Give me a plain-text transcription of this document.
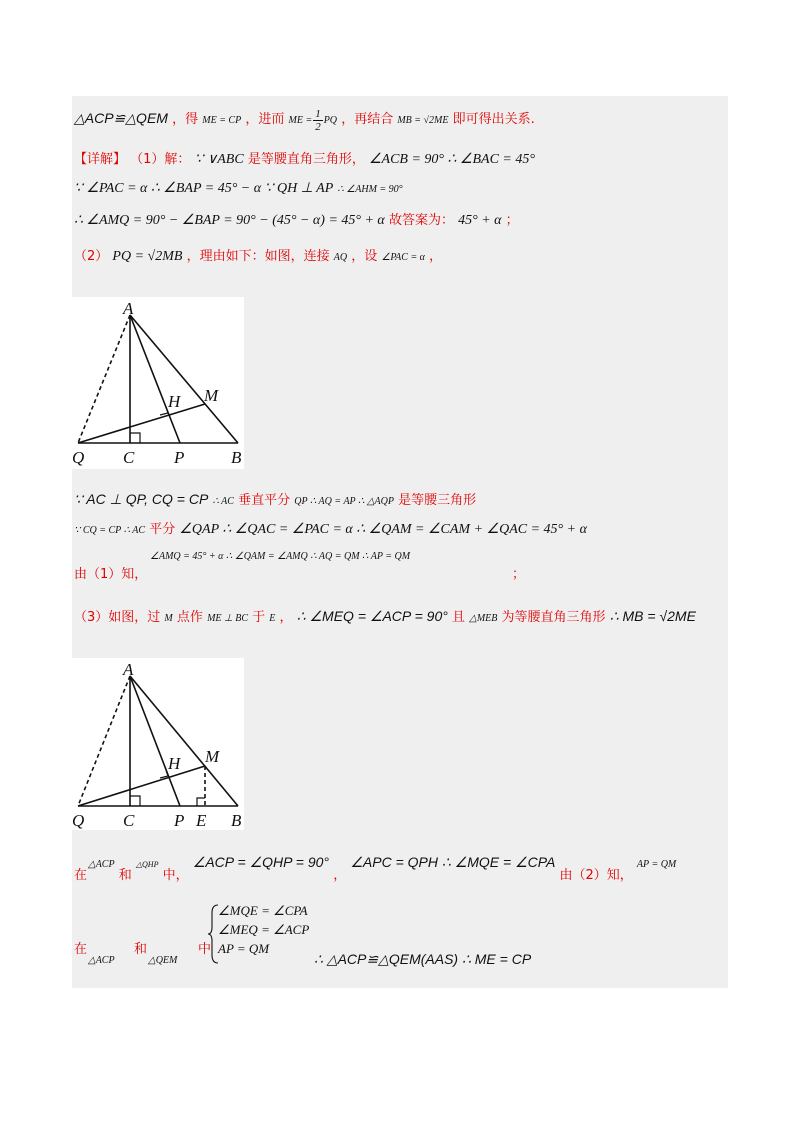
△ACP≌△QEM ，得 ME = CP ，进而 ME = $\frac{1}{2}$ PQ ，再结合 MB = √2ME 即可得出关系.
【详解】 （1）解： ∵ ∨ABC 是等腰直角三角形， ∠ACB = 90° ∴ ∠BAC = 45°
∵ ∠PAC = α ∴ ∠BAP = 45° − α ∵ QH ⊥ AP ∴ ∠AHM = 90°
∴ ∠AMQ = 90° − ∠BAP = 90° − (45° − α) = 45° + α 故答案为： 45° + α ；
（2） PQ = √2MB ，理由如下：如图，连接 AQ ，设 ∠PAC = α ，
A
H M
Q C P	B
∵ AC ⊥ QP, CQ = CP ∴ AC 垂直平分 QP ∴ AQ = AP ∴ △AQP 是等腰三角形
∵ CQ = CP ∴ AC 平分 ∠QAP ∴ ∠QAC = ∠PAC = α ∴ ∠QAM = ∠CAM + ∠QAC = 45° + α
∠AMQ = 45° + α ∴ ∠QAM = ∠AMQ ∴ AQ = QM ∴ AP = QM
由（1）知，	；
（3）如图，过 M 点作 ME ⊥ BC 于 E ， ∴ ∠MEQ = ∠ACP = 90° 且 △MEB 为等腰直角三角形 ∴ MB = √2ME
A
H M
Q C P E B
在
△ACP 和 △QHP 中， ∠ACP = ∠QHP = 90° ， ∠APC = QPH ∴ ∠MQE = ∠CPA 由（2）知， AP = QM
在
△ACP
和
△QEM
中
∠MQE = ∠CPA
∠MEQ = ∠ACP
AP = QM
∴ △ACP≌△QEM(AAS) ∴ ME = CP
